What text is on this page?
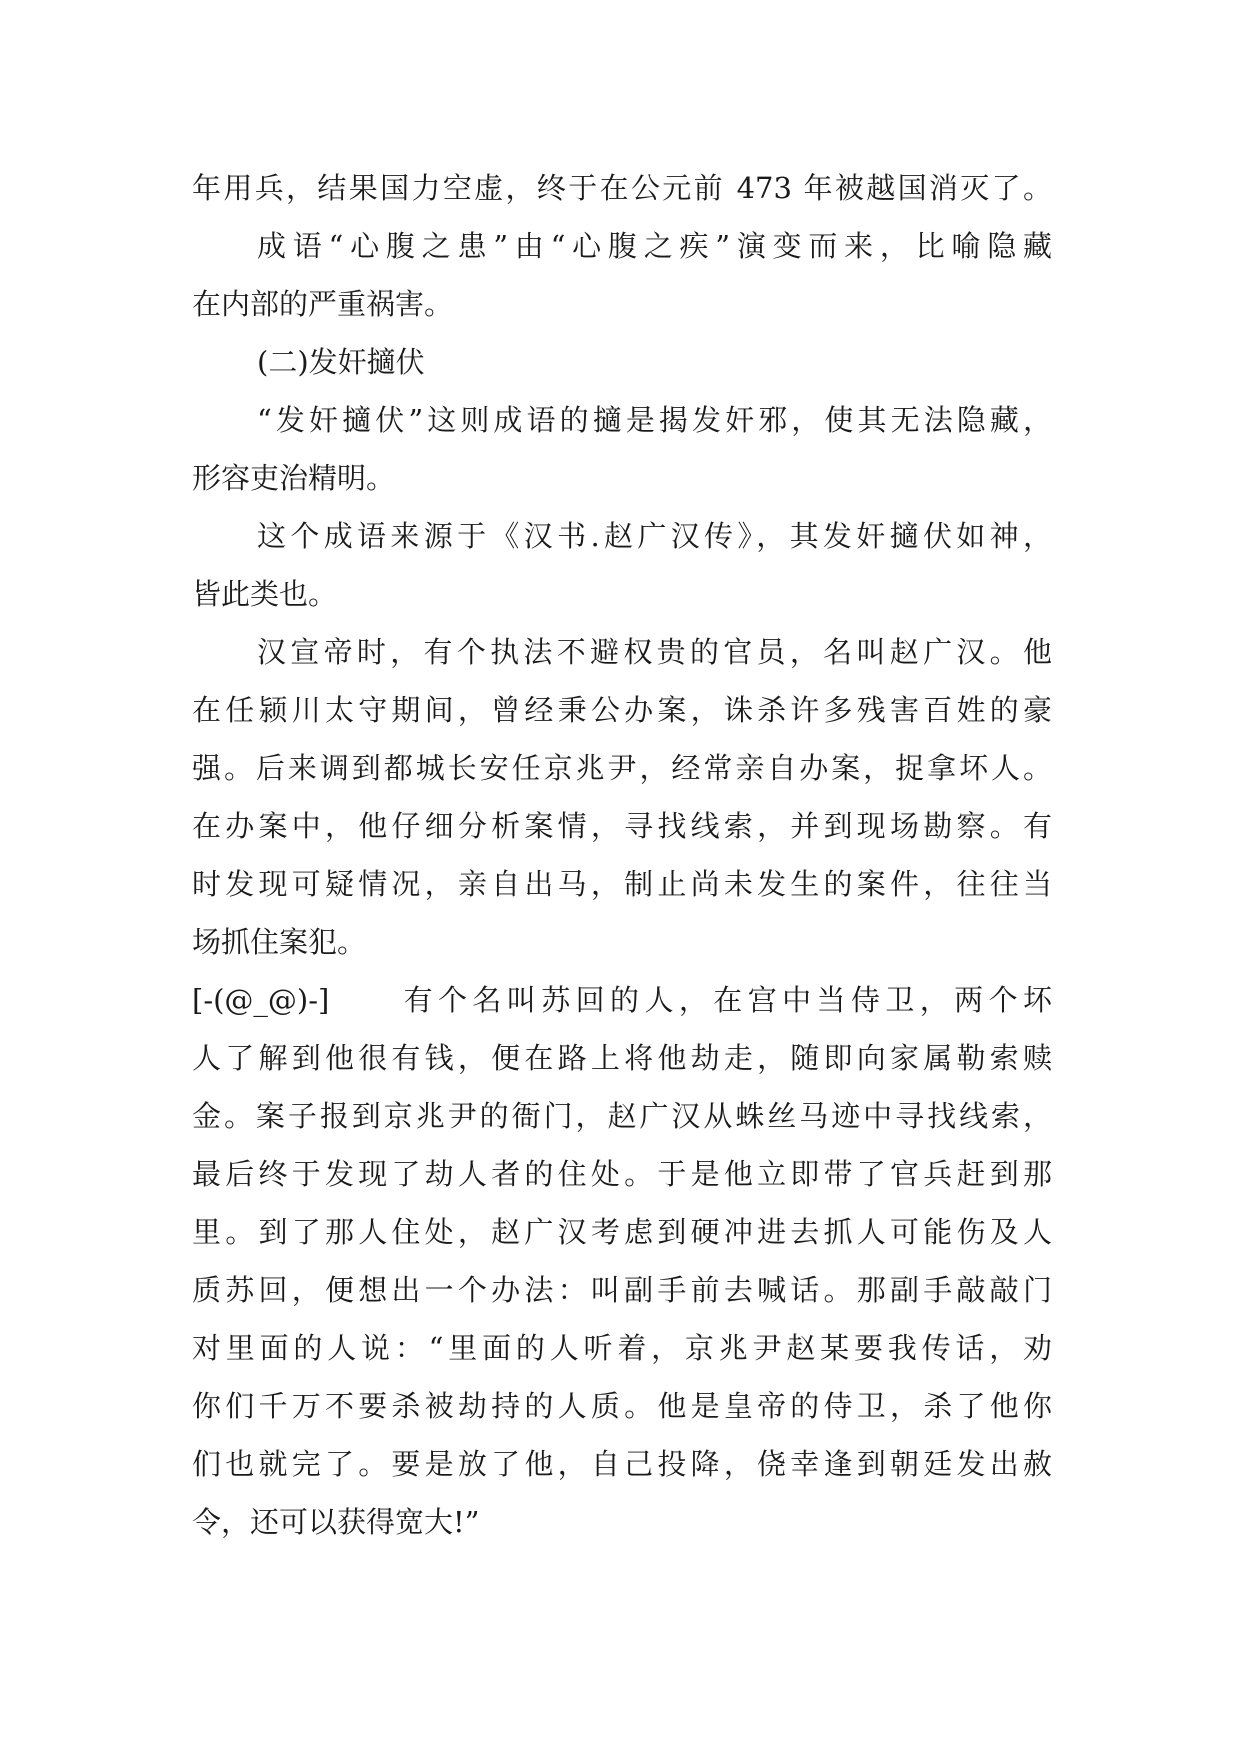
年用兵，结果国力空虚，终于在公元前 473 年被越国消灭了。
成语“心腹之患”由“心腹之疾”演变而来，比喻隐藏
在内部的严重祸害。
(二)发奸擿伏
“发奸擿伏”这则成语的擿是揭发奸邪，使其无法隐藏，
形容吏治精明。
这个成语来源于《汉书.赵广汉传》，其发奸擿伏如神，
皆此类也。
汉宣帝时，有个执法不避权贵的官员，名叫赵广汉。他
在任颍川太守期间，曾经秉公办案，诛杀许多残害百姓的豪
强。后来调到都城长安任京兆尹，经常亲自办案，捉拿坏人。
在办案中，他仔细分析案情，寻找线索，并到现场勘察。有
时发现可疑情况，亲自出马，制止尚未发生的案件，往往当
场抓住案犯。
[-(@_@)-]　　有个名叫苏回的人，在宫中当侍卫，两个坏
人了解到他很有钱，便在路上将他劫走，随即向家属勒索赎
金。案子报到京兆尹的衙门，赵广汉从蛛丝马迹中寻找线索，
最后终于发现了劫人者的住处。于是他立即带了官兵赶到那
里。到了那人住处，赵广汉考虑到硬冲进去抓人可能伤及人
质苏回，便想出一个办法：叫副手前去喊话。那副手敲敲门
对里面的人说：“里面的人听着，京兆尹赵某要我传话，劝
你们千万不要杀被劫持的人质。他是皇帝的侍卫，杀了他你
们也就完了。要是放了他，自己投降，侥幸逢到朝廷发出赦
令，还可以获得宽大!”
